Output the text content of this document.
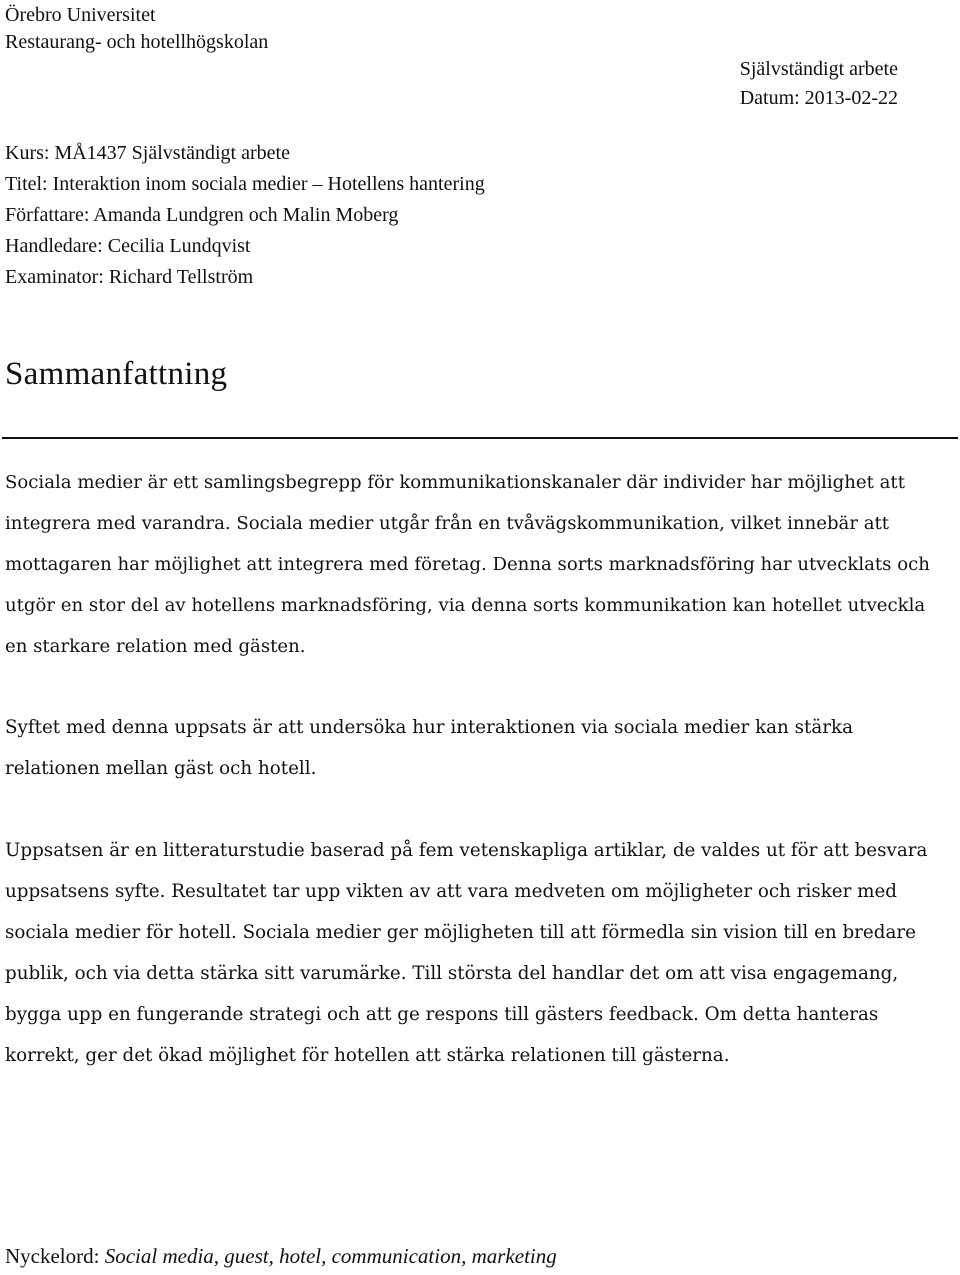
Örebro Universitet
Restaurang- och hotellhögskolan
Självständigt arbete
Datum: 2013-02-22
Kurs: MÅ1437 Självständigt arbete
Titel: Interaktion inom sociala medier – Hotellens hantering
Författare: Amanda Lundgren och Malin Moberg
Handledare: Cecilia Lundqvist
Examinator: Richard Tellström
Sammanfattning

Sociala medier är ett samlingsbegrepp för kommunikationskanaler där individer har möjlighet att integrera med varandra. Sociala medier utgår från en tvåvägskommunikation, vilket innebär att mottagaren har möjlighet att integrera med företag. Denna sorts marknadsföring har utvecklats och utgör en stor del av hotellens marknadsföring, via denna sorts kommunikation kan hotellet utveckla en starkare relation med gästen.

Syftet med denna uppsats är att undersöka hur interaktionen via sociala medier kan stärka relationen mellan gäst och hotell.

Uppsatsen är en litteraturstudie baserad på fem vetenskapliga artiklar, de valdes ut för att besvara uppsatsens syfte. Resultatet tar upp vikten av att vara medveten om möjligheter och risker med sociala medier för hotell. Sociala medier ger möjligheten till att förmedla sin vision till en bredare publik, och via detta stärka sitt varumärke. Till största del handlar det om att visa engagemang, bygga upp en fungerande strategi och att ge respons till gästers feedback. Om detta hanteras korrekt, ger det ökad möjlighet för hotellen att stärka relationen till gästerna.

Nyckelord: Social media, guest, hotel, communication, marketing
